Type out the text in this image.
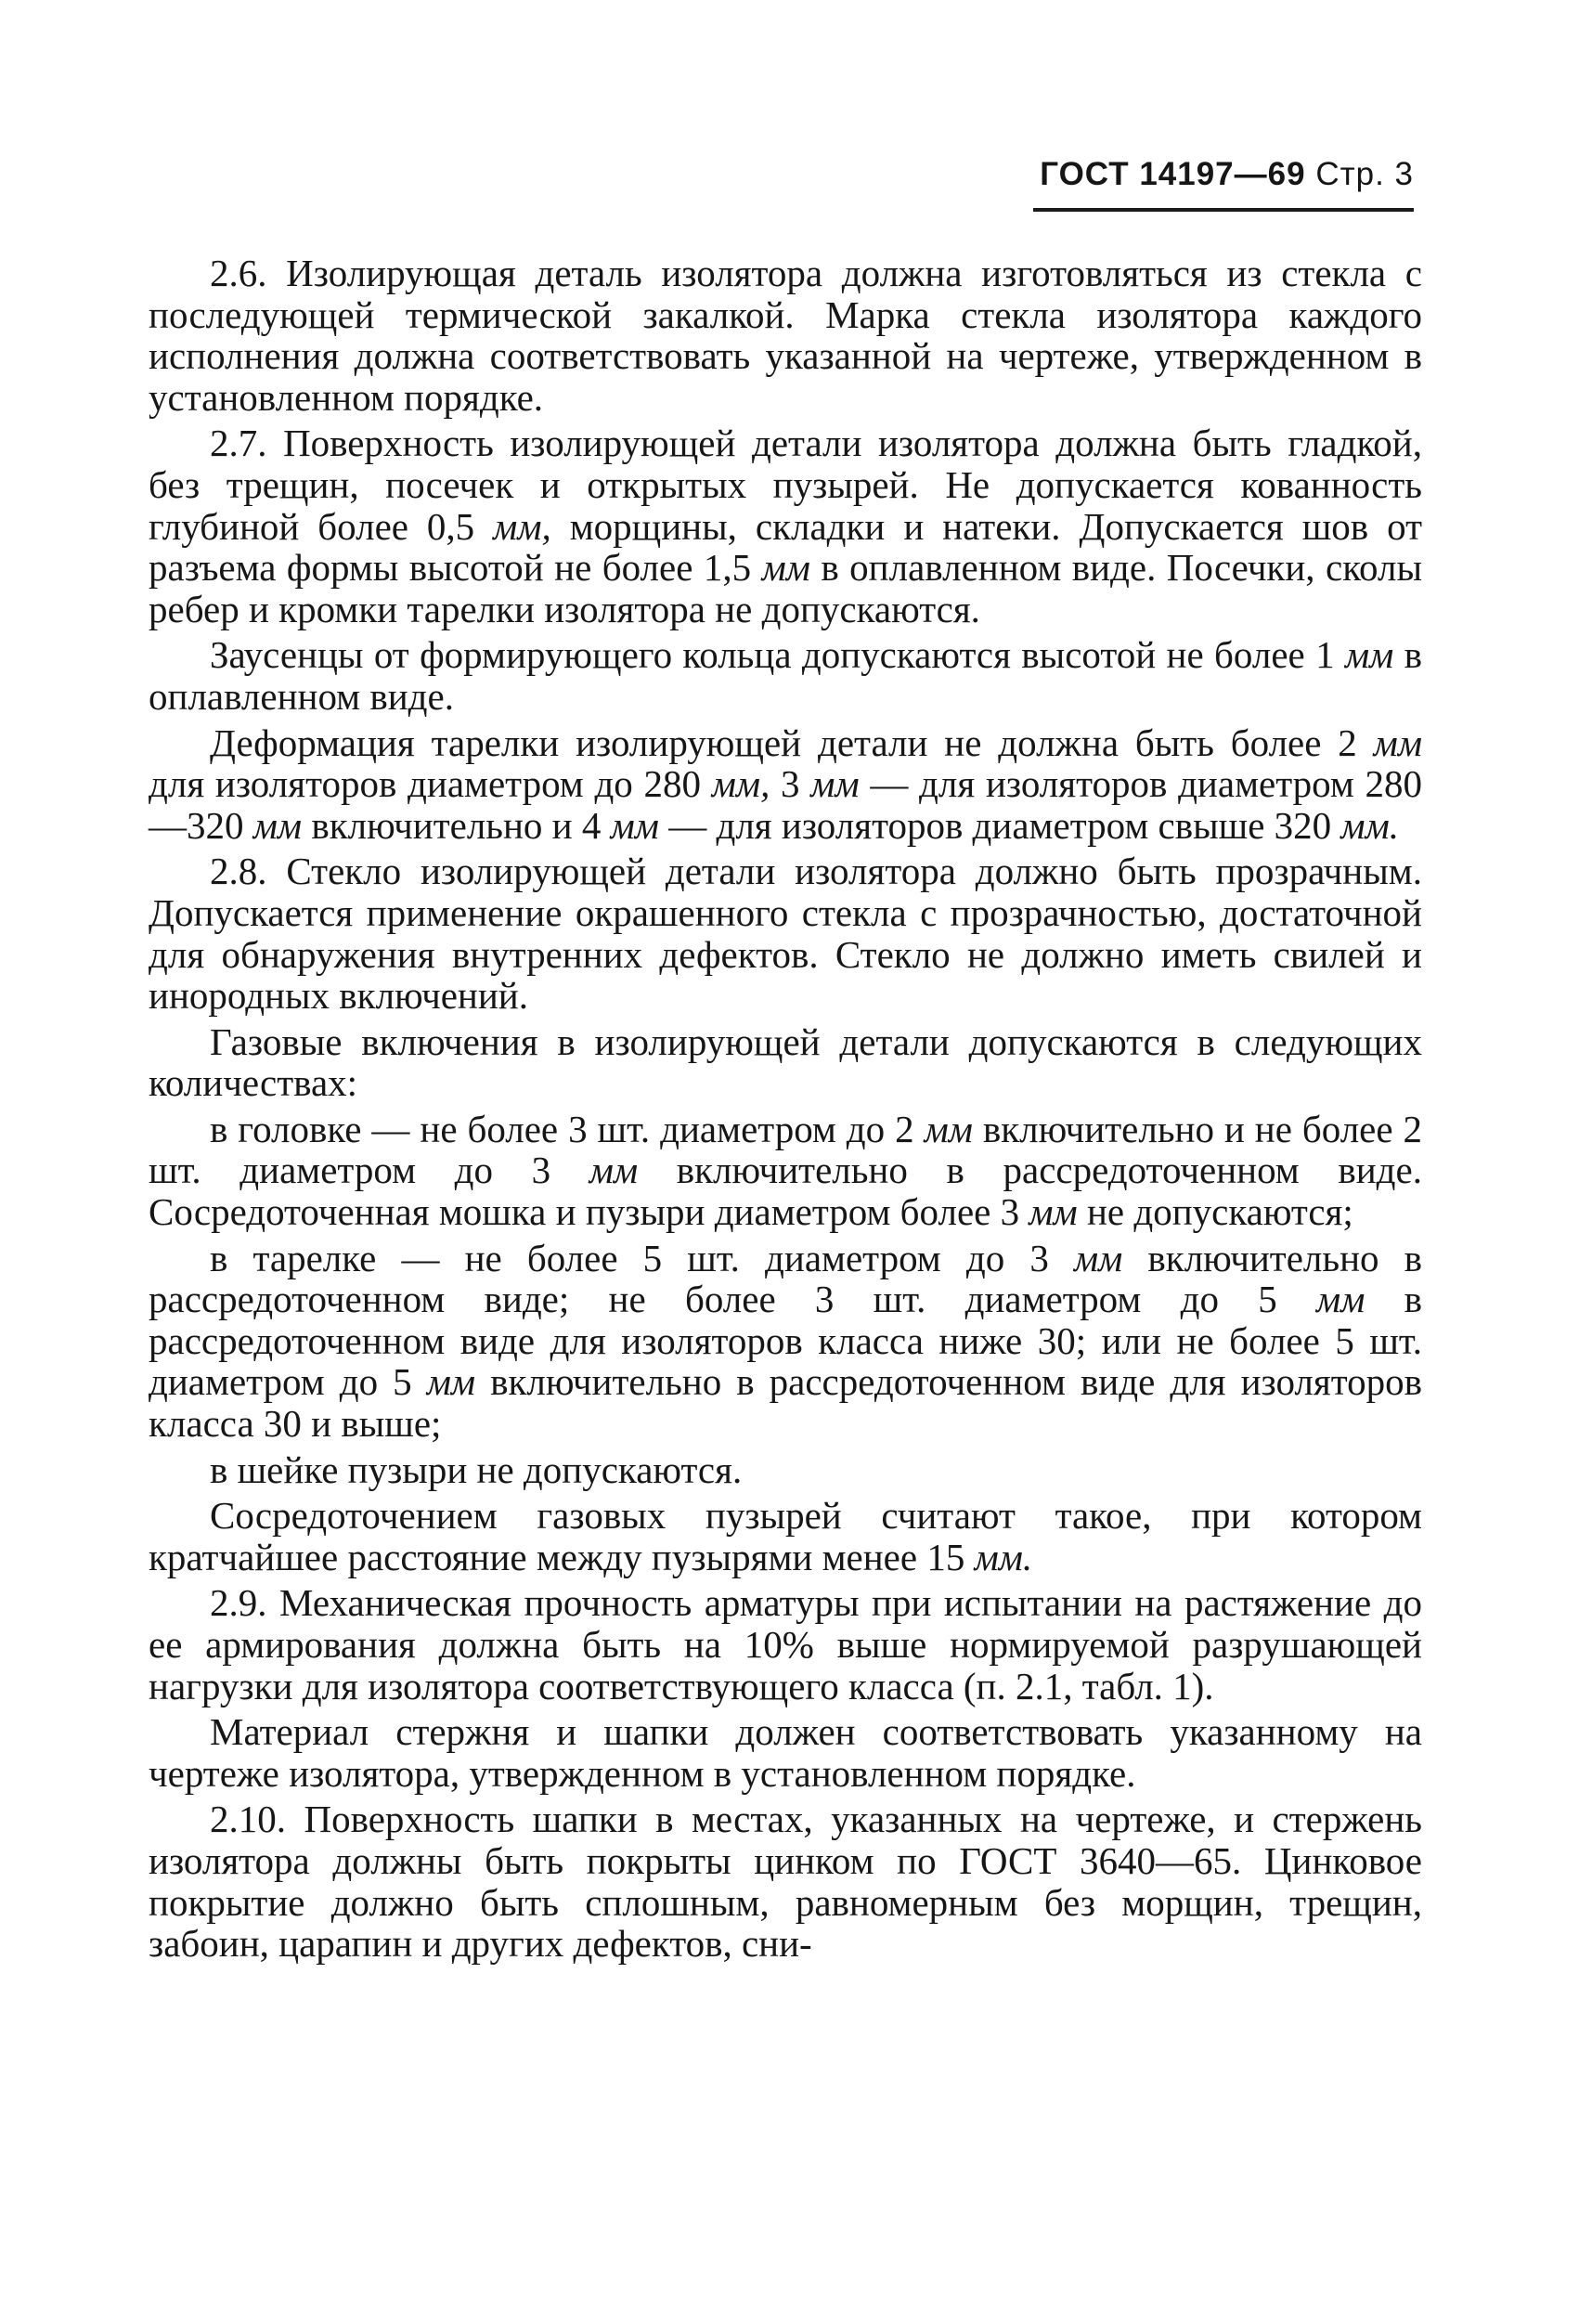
ГОСТ 14197—69 Стр. 3

2.6. Изолирующая деталь изолятора должна изготовляться из стекла с последующей термической закалкой. Марка стекла изолятора каждого исполнения должна соответствовать указанной на чертеже, утвержденном в установленном порядке.

2.7. Поверхность изолирующей детали изолятора должна быть гладкой, без трещин, посечек и открытых пузырей. Не допускается кованность глубиной более 0,5 мм, морщины, складки и натеки. Допускается шов от разъема формы высотой не более 1,5 мм в оплавленном виде. Посечки, сколы ребер и кромки тарелки изолятора не допускаются.

Заусенцы от формирующего кольца допускаются высотой не более 1 мм в оплавленном виде.

Деформация тарелки изолирующей детали не должна быть более 2 мм для изоляторов диаметром до 280 мм, 3 мм — для изоляторов диаметром 280—320 мм включительно и 4 мм — для изоляторов диаметром свыше 320 мм.

2.8. Стекло изолирующей детали изолятора должно быть прозрачным. Допускается применение окрашенного стекла с прозрачностью, достаточной для обнаружения внутренних дефектов. Стекло не должно иметь свилей и инородных включений.

Газовые включения в изолирующей детали допускаются в следующих количествах:

в головке — не более 3 шт. диаметром до 2 мм включительно и не более 2 шт. диаметром до 3 мм включительно в рассредоточенном виде. Сосредоточенная мошка и пузыри диаметром более 3 мм не допускаются;

в тарелке — не более 5 шт. диаметром до 3 мм включительно в рассредоточенном виде; не более 3 шт. диаметром до 5 мм в рассредоточенном виде для изоляторов класса ниже 30; или не более 5 шт. диаметром до 5 мм включительно в рассредоточенном виде для изоляторов класса 30 и выше;

в шейке пузыри не допускаются.

Сосредоточением газовых пузырей считают такое, при котором кратчайшее расстояние между пузырями менее 15 мм.

2.9. Механическая прочность арматуры при испытании на растяжение до ее армирования должна быть на 10% выше нормируемой разрушающей нагрузки для изолятора соответствующего класса (п. 2.1, табл. 1).

Материал стержня и шапки должен соответствовать указанному на чертеже изолятора, утвержденном в установленном порядке.

2.10. Поверхность шапки в местах, указанных на чертеже, и стержень изолятора должны быть покрыты цинком по ГОСТ 3640—65. Цинковое покрытие должно быть сплошным, равномерным без морщин, трещин, забоин, царапин и других дефектов, сни-
